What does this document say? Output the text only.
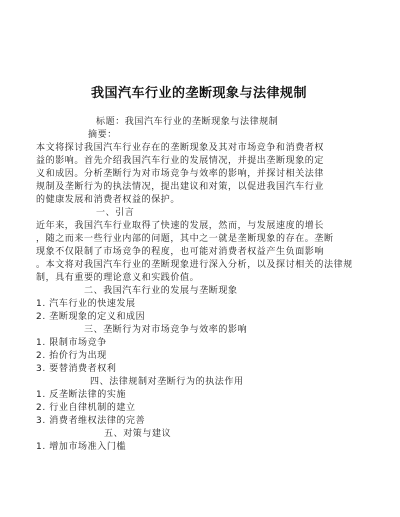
我国汽车行业的垄断现象与法律规制
标题：我国汽车行业的垄断现象与法律规制
摘要：
本文将探讨我国汽车行业存在的垄断现象及其对市场竞争和消费者权
益的影响。首先介绍我国汽车行业的发展情况，并提出垄断现象的定
义和成因。分析垄断行为对市场竞争与效率的影响，并探讨相关法律
规制及垄断行为的执法情况，提出建议和对策，以促进我国汽车行业
的健康发展和消费者权益的保护。
一、引言
近年来，我国汽车行业取得了快速的发展，然而，与发展速度的增长
，随之而来一些行业内部的问题，其中之一就是垄断现象的存在。垄断
现象不仅限制了市场竞争的程度，也可能对消费者权益产生负面影响
。本文将对我国汽车行业的垄断现象进行深入分析，以及探讨相关的法律规
制，具有重要的理论意义和实践价值。
二、我国汽车行业的发展与垄断现象
1. 汽车行业的快速发展
2. 垄断现象的定义和成因
三、垄断行为对市场竞争与效率的影响
1. 限制市场竞争
2. 抬价行为出现
3. 要替消费者权利
四、法律规制对垄断行为的执法作用
1. 反垄断法律的实施
2. 行业自律机制的建立
3. 消费者维权法律的完善
五、对策与建议
1. 增加市场准入门槛
